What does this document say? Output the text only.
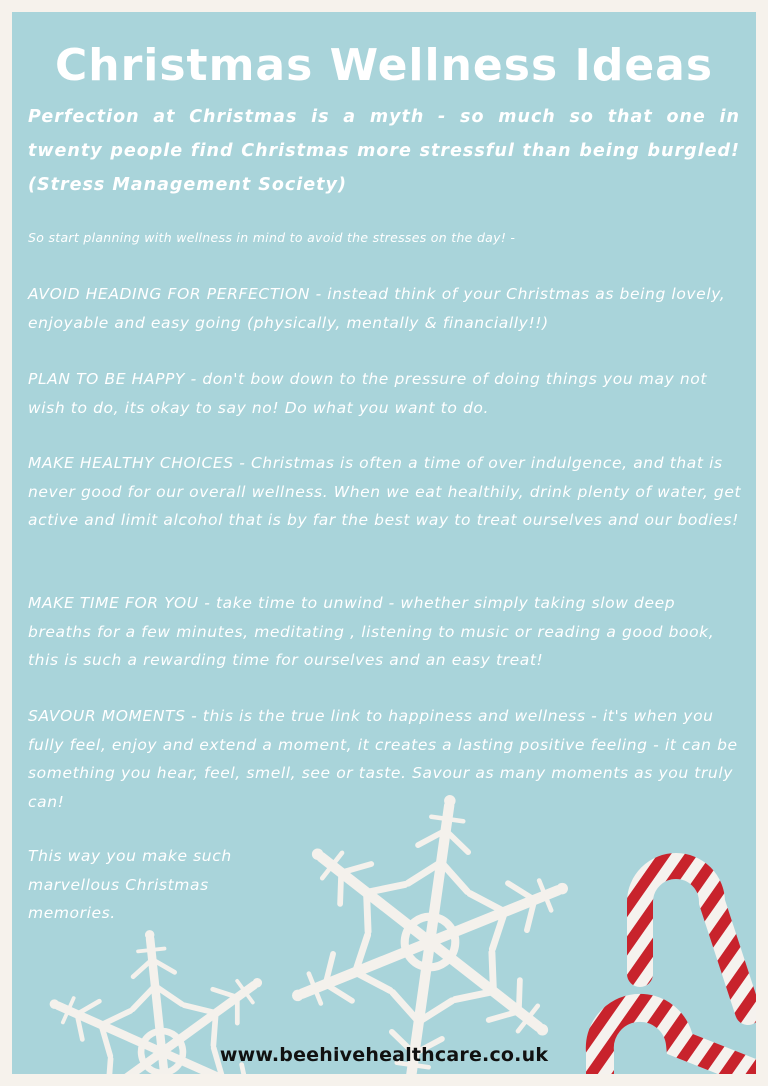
Christmas Wellness Ideas
Perfection at Christmas is a myth - so much so that one in twenty people find Christmas more stressful than being burgled! (Stress Management Society)
So start planning with wellness in mind to avoid the stresses on the day! -
AVOID HEADING FOR PERFECTION - instead think of your Christmas as being lovely, enjoyable and easy going (physically, mentally & financially!!)
PLAN TO BE HAPPY - don't bow down to the pressure of doing things you may not wish to do, its okay to say no! Do what you want to do.
MAKE HEALTHY CHOICES - Christmas is often a time of over indulgence, and that is never good for our overall wellness. When we eat healthily, drink plenty of water, get active and limit alcohol that is by far the best way to treat ourselves and our bodies!
MAKE TIME FOR YOU - take time to unwind - whether simply taking slow deep breaths for a few minutes, meditating , listening to music or reading a good book, this is such a rewarding time for ourselves and an easy treat!
SAVOUR MOMENTS - this is the true link to happiness and wellness - it's when you fully feel, enjoy and extend a moment, it creates a lasting positive feeling - it can be something you hear, feel, smell, see or taste. Savour as many moments as you truly can!
This way you make such marvellous Christmas memories.
www.beehivehealthcare.co.uk
